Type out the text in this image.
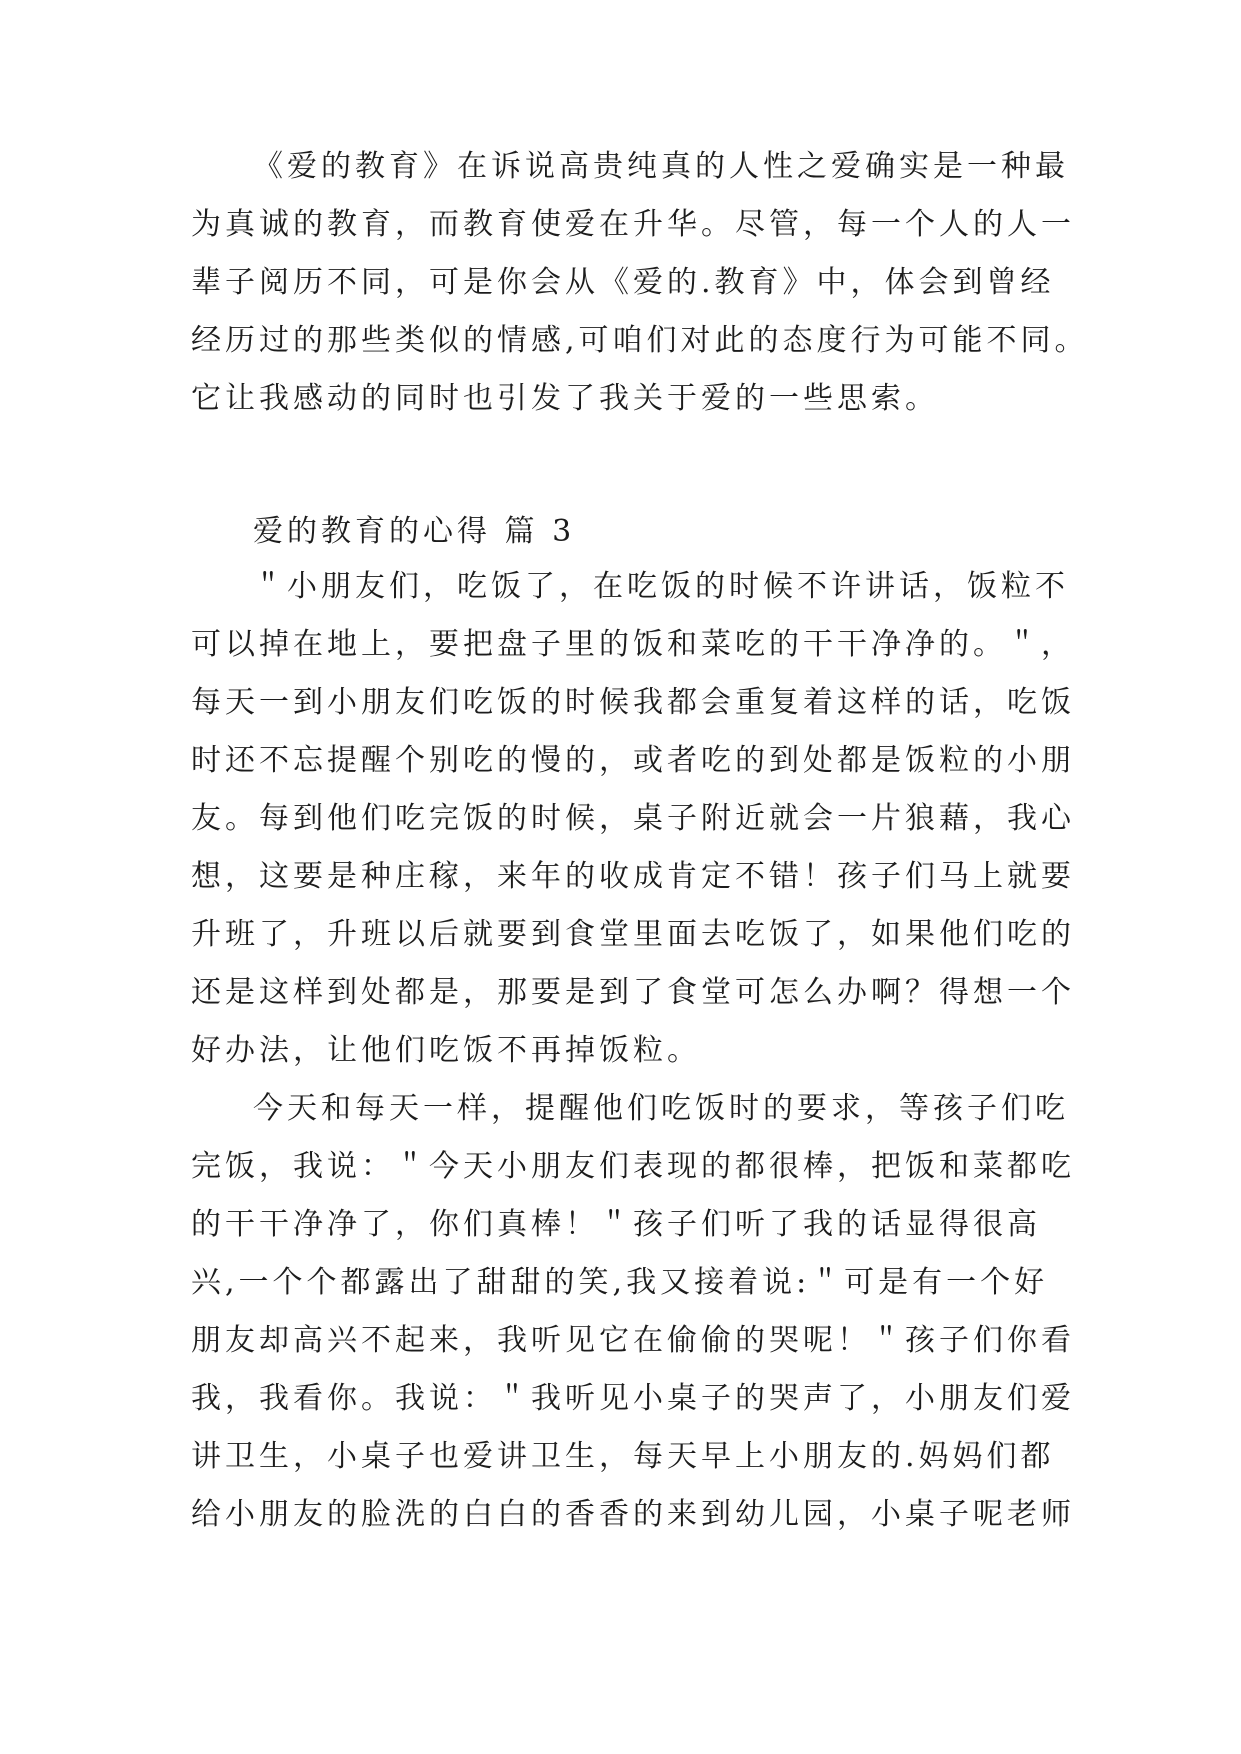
《爱的教育》在诉说高贵纯真的人性之爱确实是一种最
为真诚的教育，而教育使爱在升华。尽管，每一个人的人一
辈子阅历不同，可是你会从《爱的.教育》中，体会到曾经
经历过的那些类似的情感,可咱们对此的态度行为可能不同。
它让我感动的同时也引发了我关于爱的一些思索。
爱的教育的心得 篇 3
＂小朋友们，吃饭了，在吃饭的时候不许讲话，饭粒不
可以掉在地上，要把盘子里的饭和菜吃的干干净净的。＂，
每天一到小朋友们吃饭的时候我都会重复着这样的话，吃饭
时还不忘提醒个别吃的慢的，或者吃的到处都是饭粒的小朋
友。每到他们吃完饭的时候，桌子附近就会一片狼藉，我心
想，这要是种庄稼，来年的收成肯定不错！孩子们马上就要
升班了，升班以后就要到食堂里面去吃饭了，如果他们吃的
还是这样到处都是，那要是到了食堂可怎么办啊？得想一个
好办法，让他们吃饭不再掉饭粒。
今天和每天一样，提醒他们吃饭时的要求，等孩子们吃
完饭，我说：＂今天小朋友们表现的都很棒，把饭和菜都吃
的干干净净了，你们真棒！＂孩子们听了我的话显得很高
兴,一个个都露出了甜甜的笑,我又接着说:＂可是有一个好
朋友却高兴不起来，我听见它在偷偷的哭呢！＂孩子们你看
我，我看你。我说：＂我听见小桌子的哭声了，小朋友们爱
讲卫生，小桌子也爱讲卫生，每天早上小朋友的.妈妈们都
给小朋友的脸洗的白白的香香的来到幼儿园，小桌子呢老师
